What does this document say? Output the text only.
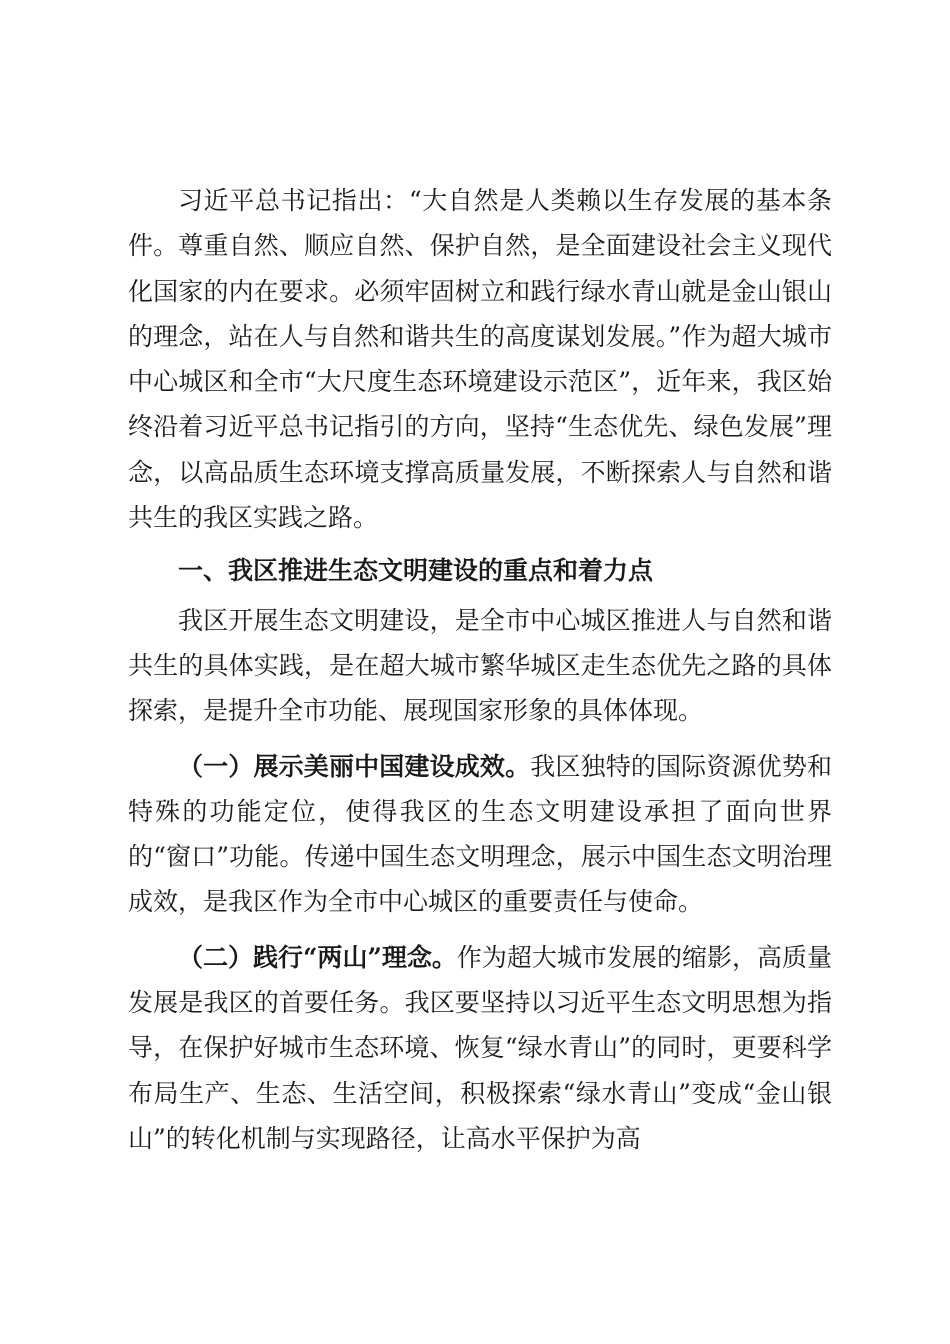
习近平总书记指出：“大自然是人类赖以生存发展的基本条件。尊重自然、顺应自然、保护自然，是全面建设社会主义现代化国家的内在要求。必须牢固树立和践行绿水青山就是金山银山的理念，站在人与自然和谐共生的高度谋划发展。”作为超大城市中心城区和全市“大尺度生态环境建设示范区”，近年来，我区始终沿着习近平总书记指引的方向，坚持“生态优先、绿色发展”理念，以高品质生态环境支撑高质量发展，不断探索人与自然和谐共生的我区实践之路。

一、我区推进生态文明建设的重点和着力点

我区开展生态文明建设，是全市中心城区推进人与自然和谐共生的具体实践，是在超大城市繁华城区走生态优先之路的具体探索，是提升全市功能、展现国家形象的具体体现。

（一）展示美丽中国建设成效。我区独特的国际资源优势和特殊的功能定位，使得我区的生态文明建设承担了面向世界的“窗口”功能。传递中国生态文明理念，展示中国生态文明治理成效，是我区作为全市中心城区的重要责任与使命。

（二）践行“两山”理念。作为超大城市发展的缩影，高质量发展是我区的首要任务。我区要坚持以习近平生态文明思想为指导，在保护好城市生态环境、恢复“绿水青山”的同时，更要科学布局生产、生态、生活空间，积极探索“绿水青山”变成“金山银山”的转化机制与实现路径，让高水平保护为高
